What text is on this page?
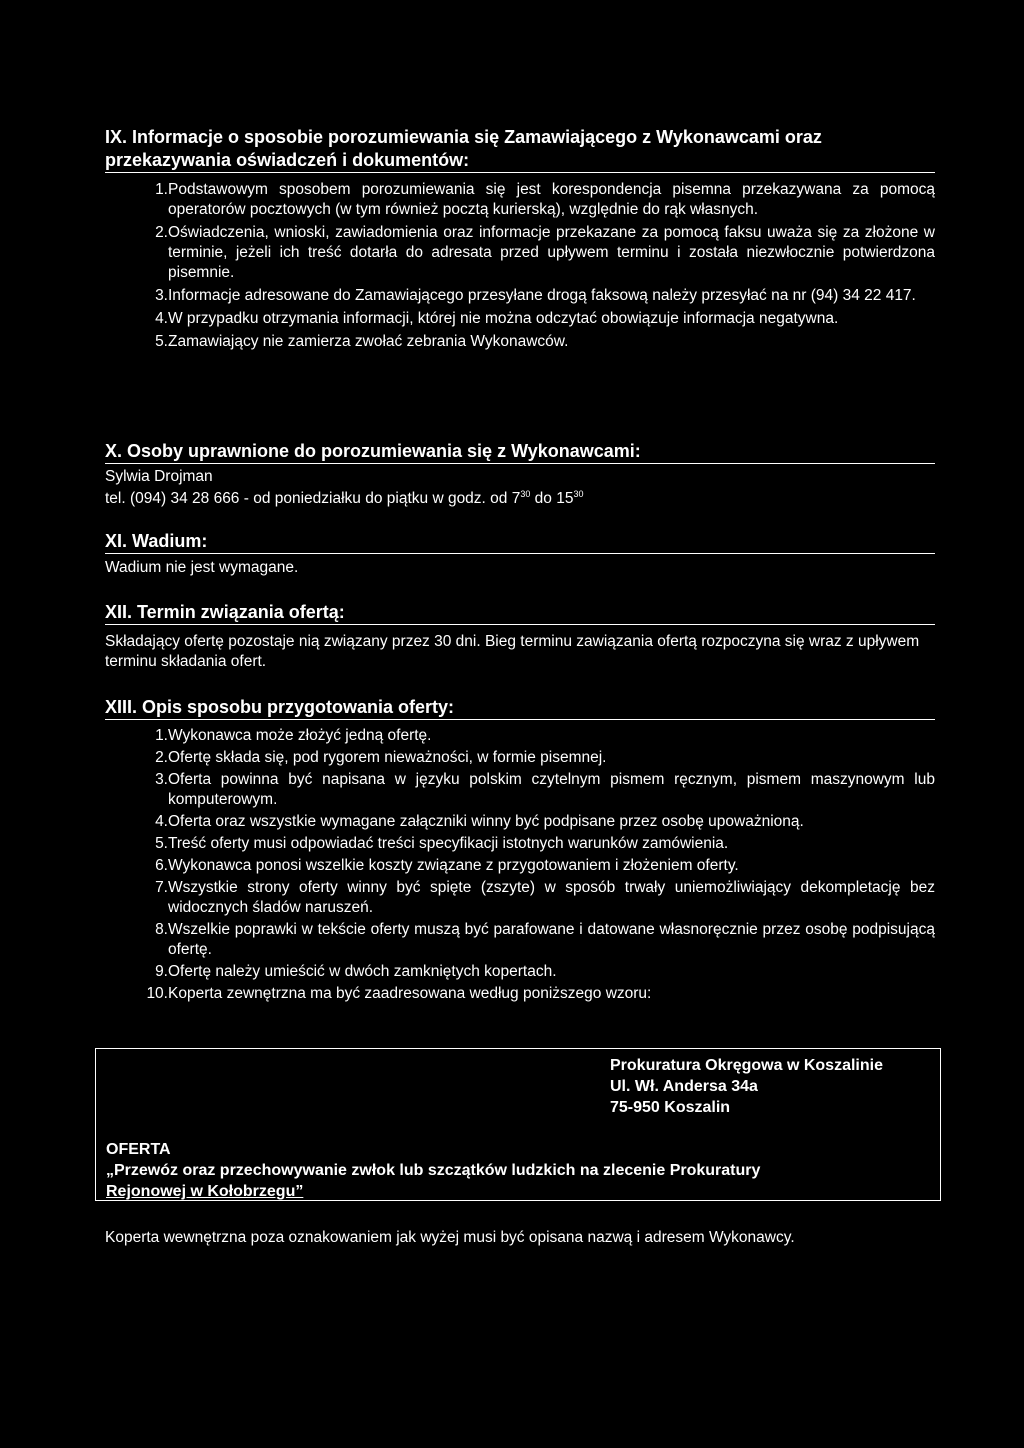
IX. Informacje o sposobie porozumiewania się Zamawiającego z Wykonawcami oraz przekazywania oświadczeń i dokumentów:
1. Podstawowym sposobem porozumiewania się jest korespondencja pisemna przekazywana za pomocą operatorów pocztowych (w tym również pocztą kurierską), względnie do rąk własnych.
2. Oświadczenia, wnioski, zawiadomienia oraz informacje przekazane za pomocą faksu uważa się za złożone w terminie, jeżeli ich treść dotarła do adresata przed upływem terminu i została niezwłocznie potwierdzona pisemnie.
3. Informacje adresowane do Zamawiającego przesyłane drogą faksową należy przesyłać na nr (94) 34 22 417.
4. W przypadku otrzymania informacji, której nie można odczytać obowiązuje informacja negatywna.
5. Zamawiający nie zamierza zwołać zebrania Wykonawców.
X. Osoby uprawnione do porozumiewania się z Wykonawcami:
Sylwia Drojman
tel. (094) 34 28 666 - od poniedziałku do piątku w godz. od $7^{30}$ do $15^{30}$
XI. Wadium:
Wadium nie jest wymagane.
XII. Termin związania ofertą:
Składający ofertę pozostaje nią związany przez 30 dni. Bieg terminu zawiązania ofertą rozpoczyna się wraz z upływem terminu składania ofert.
XIII. Opis sposobu przygotowania oferty:
1. Wykonawca może złożyć jedną ofertę.
2. Ofertę składa się, pod rygorem nieważności, w formie pisemnej.
3. Oferta powinna być napisana w języku polskim czytelnym pismem ręcznym, pismem maszynowym lub komputerowym.
4. Oferta oraz wszystkie wymagane załączniki winny być podpisane przez osobę upoważnioną.
5. Treść oferty musi odpowiadać treści specyfikacji istotnych warunków zamówienia.
6. Wykonawca ponosi wszelkie koszty związane z przygotowaniem i złożeniem oferty.
7. Wszystkie strony oferty winny być spięte (zszyte) w sposób trwały uniemożliwiający dekompletację bez widocznych śladów naruszeń.
8. Wszelkie poprawki w tekście oferty muszą być parafowane i datowane własnoręcznie przez osobę podpisującą ofertę.
9. Ofertę należy umieścić w dwóch zamkniętych kopertach.
10. Koperta zewnętrzna ma być zaadresowana według poniższego wzoru:
Prokuratura Okręgowa w Koszalinie
Ul. Wł. Andersa 34a
75-950 Koszalin
OFERTA
„Przewóz oraz przechowywanie zwłok lub szczątków ludzkich na zlecenie Prokuratury
Rejonowej w Kołobrzegu”
Koperta wewnętrzna poza oznakowaniem jak wyżej musi być opisana nazwą i adresem Wykonawcy.
